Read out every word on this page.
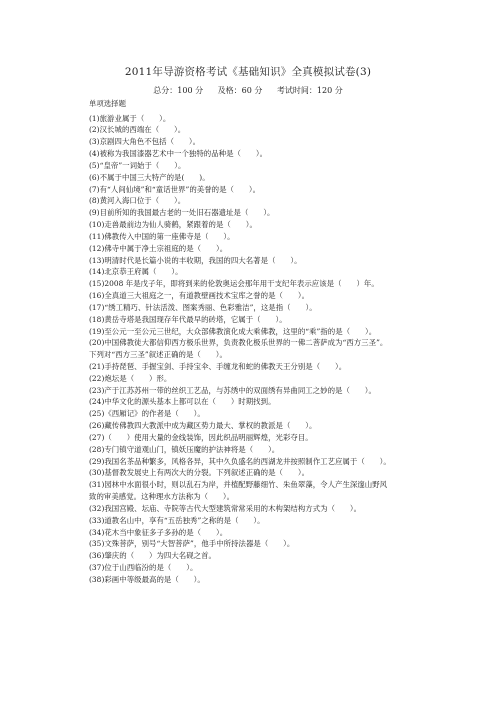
2011年导游资格考试《基础知识》全真模拟试卷(3)
总分：100 分 及格：60 分 考试时间：120 分
单项选择题
(1)旅游业属于（　　）。
(2)汉长城的西端在（　　）。
(3)京剧四大角色不包括（　　）。
(4)被称为我国漆器艺术中一个独特的品种是（　　）。
(5)“皇帝”一词始于（　　）。
(6)不属于中国三大特产的是(　　)。
(7)有“人间仙境”和“童话世界”的美誉的是（　　）。
(8)黄河入海口位于（　　）。
(9)目前所知的我国最古老的一处旧石器遗址是（　　）。
(10)走兽最前边为仙人骑鹤，紧跟着的是（　　）。
(11)佛教传入中国的第一座佛寺是（　　）。
(12)佛寺中属于净土宗祖庭的是（　　）。
(13)明清时代是长篇小说的丰收期，我国的四大名著是（　　）。
(14)北京恭王府属（　　）。
(15)2008 年是戊子年，即将到来的伦敦奥运会那年用干支纪年表示应该是（　　）年。
(16)全真道三大祖庭之一，有道教壁画技术宝库之誉的是（　　）。
(17)“绣工精巧、针法活泼、图案秀丽、色彩雅洁”，这是指（　　）。
(18)黄岳寺塔是我国现存年代最早的砖塔，它属于（　　）。
(19)至公元一至公元三世纪，大众部佛教演化成大乘佛教，这里的“乘”指的是（　　）。
(20)中国佛教徒大都信仰西方极乐世界，负责教化极乐世界的一佛二菩萨成为“西方三圣”。
下列对“西方三圣”叙述正确的是（　　）。
(21)手持琵琶、手握宝剑、手持宝伞、手缠龙和蛇的佛教天王分别是（　　）。
(22)炮坛是（　　）形。
(23)产于江苏苏州一带的丝织工艺品，与苏绣中的双面绣有异曲同工之妙的是（　　）。
(24)中华文化的源头基本上都可以在（　　）时期找到。
(25)《西厢记》的作者是（　　）。
(26)藏传佛教四大教派中成为藏区势力最大、掌权的教派是（　　）。
(27)（　　）使用大量的金线装饰，因此织品明丽辉煌，光彩夺目。
(28)专门镇守道观山门，镇妖压魔的护法神将是（　　）。
(29)我国名茶品种繁多，风格各异，其中久负盛名的西湖龙井按照制作工艺应属于（　　）。
(30)基督教发展史上有两次大的分裂。下列叙述正确的是（　　）。
(31)园林中水面很小时，则以乱石为岸，并植配野藤细竹、朱鱼翠藻，令人产生深邃山野风
致的审美感觉。这种理水方法称为（　　）。
(32)我国宫殿、坛庙、寺院等古代大型建筑常常采用的木构架结构方式为（　　）。
(33)道教名山中，享有“五岳独秀”之称的是（　　）。
(34)花木当中象征多子多孙的是（　　）。
(35)文殊菩萨，别号“大智菩萨”，他手中所持法器是（　　）。
(36)肇庆的（　　）为四大名砚之首。
(37)位于山西临汾的是（　　）。
(38)彩画中等级最高的是（　　）。
